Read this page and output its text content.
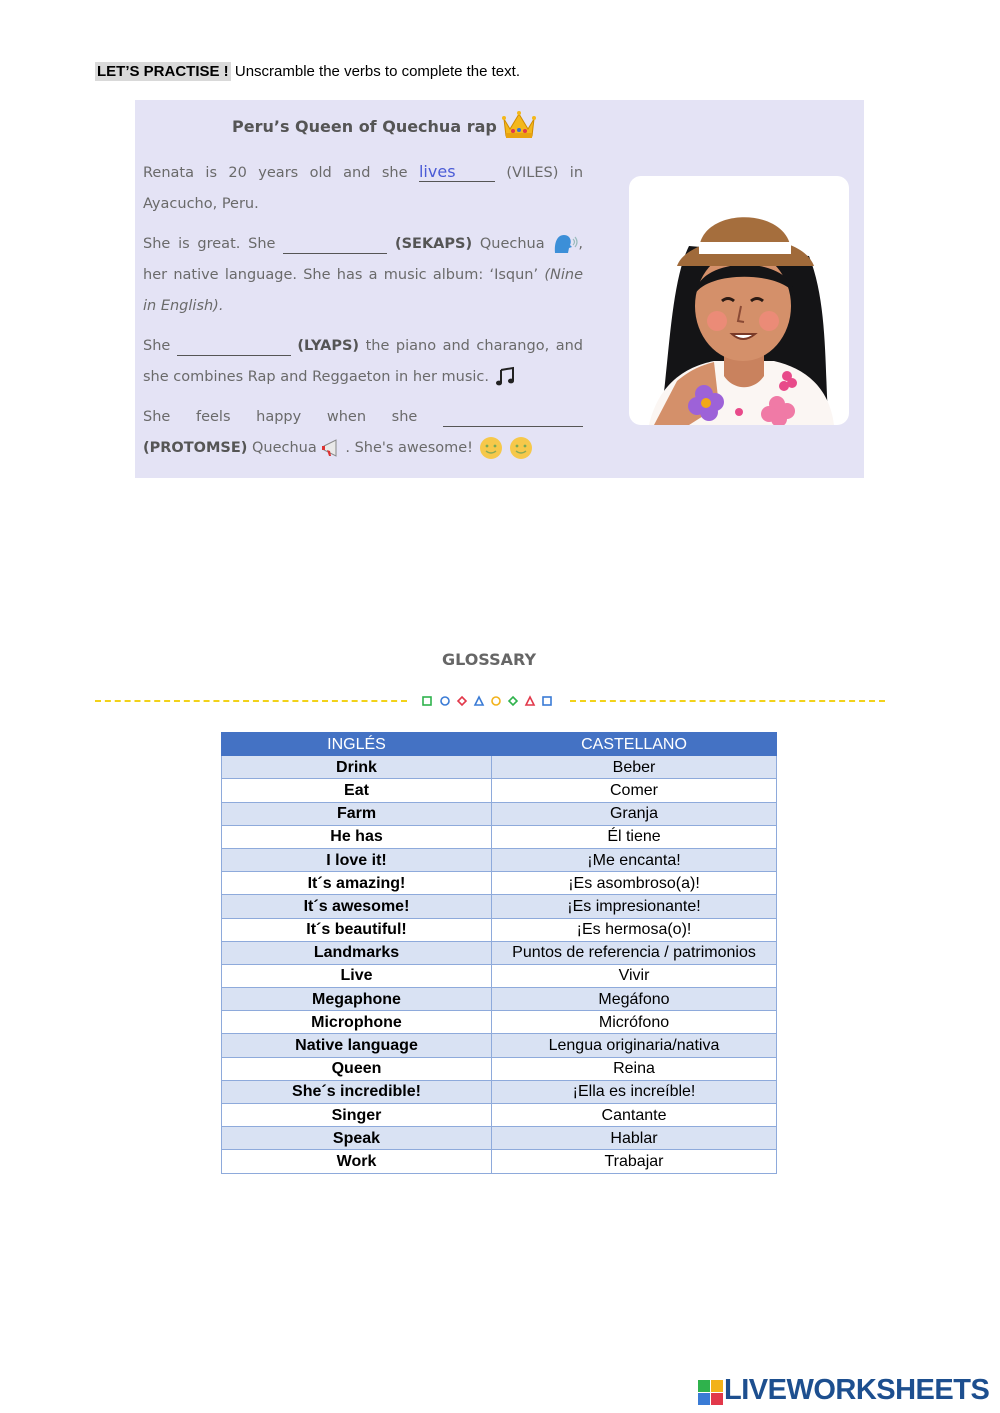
LET’S PRACTISE ! Unscramble the verbs to complete the text.
Peru’s Queen of Quechua rap

Renata is 20 years old and she lives	(VILES) in Ayacucho, Peru.

She is great. She	(SEKAPS) Quechua , her native language. She has a music album: ‘Isqun’ (Nine in English).

She	(LYAPS) the piano and charango, and she combines Rap and Reggaeton in her music.

She feels happy when she   (PROTOMSE) Quechua . She's awesome!

GLOSSARY
INGLÉS	CASTELLANO
Drink	Beber
Eat	Comer
Farm	Granja
He has	Él tiene
I love it!	¡Me encanta!
It´s amazing!	¡Es asombroso(a)!
It´s awesome!	¡Es impresionante!
It´s beautiful!	¡Es hermosa(o)!
Landmarks	Puntos de referencia / patrimonios
Live	Vivir
Megaphone	Megáfono
Microphone	Micrófono
Native language	Lengua originaria/nativa
Queen	Reina
She´s incredible!	¡Ella es increíble!
Singer	Cantante
Speak	Hablar
Work	Trabajar
LIVEWORKSHEETS
